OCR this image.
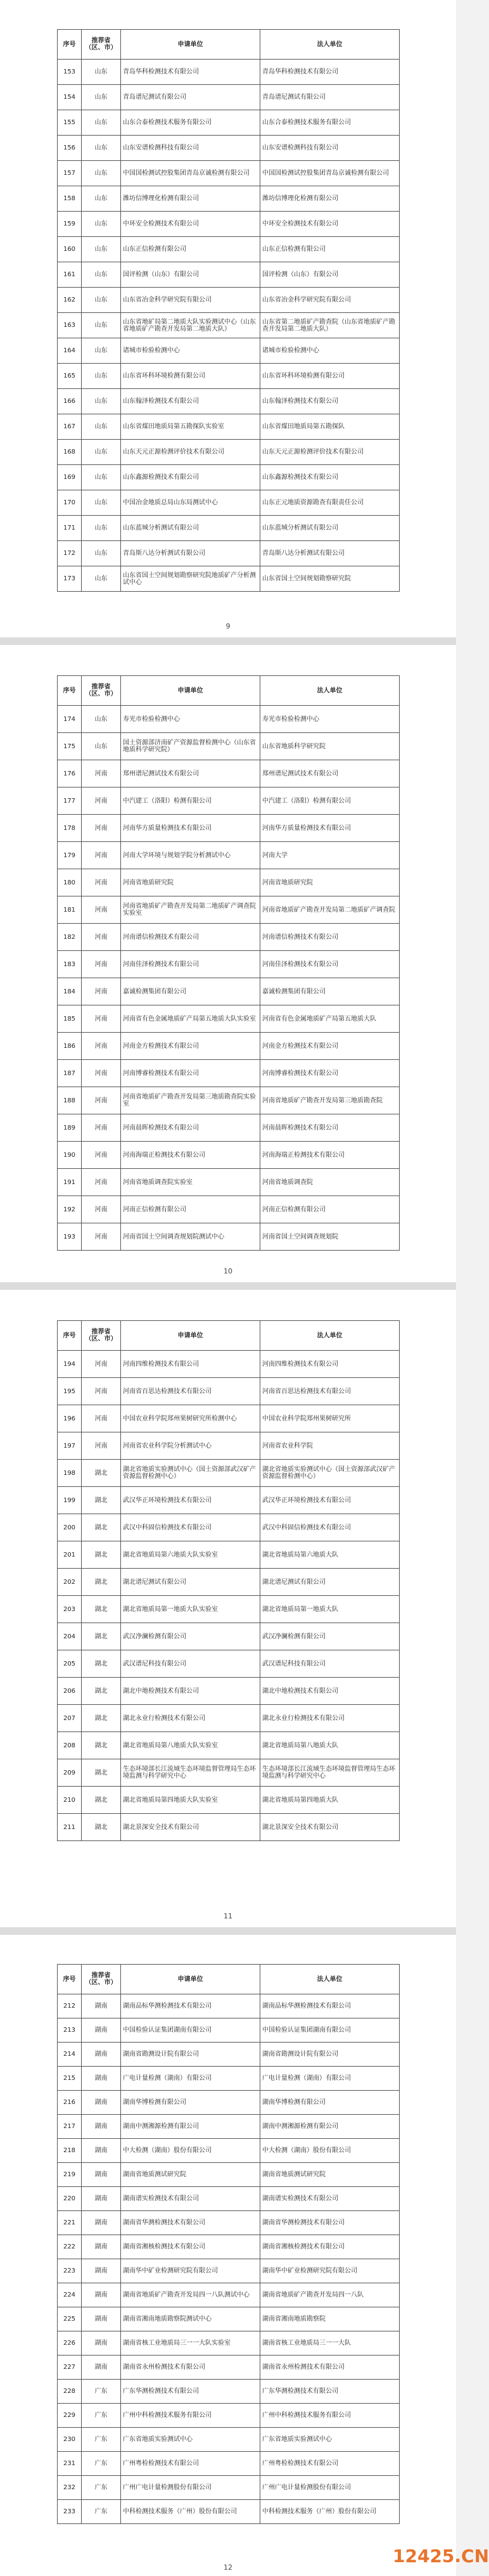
序号	推荐省（区、市）	申请单位	法人单位
153	山东	青岛华科检测技术有限公司	青岛华科检测技术有限公司
154	山东	青岛谱尼测试有限公司	青岛谱尼测试有限公司
155	山东	山东合泰检测技术服务有限公司	山东合泰检测技术服务有限公司
156	山东	山东安谱检测科技有限公司	山东安谱检测科技有限公司
157	山东	中国国检测试控股集团青岛京诚检测有限公司	中国国检测试控股集团青岛京诚检测有限公司
158	山东	潍坊信博理化检测有限公司	潍坊信博理化检测有限公司
159	山东	中环安全检测技术有限公司	中环安全检测技术有限公司
160	山东	山东正信检测有限公司	山东正信检测有限公司
161	山东	国评检测（山东）有限公司	国评检测（山东）有限公司
162	山东	山东省冶金科学研究院有限公司	山东省冶金科学研究院有限公司
163	山东	山东省地矿局第二地质大队实验测试中心（山东省地质矿产勘查开发局第二地质大队）	山东省第二地质矿产勘查院（山东省地质矿产勘查开发局第二地质大队）
164	山东	诸城市检验检测中心	诸城市检验检测中心
165	山东	山东省环科环境检测有限公司	山东省环科环境检测有限公司
166	山东	山东翰泽检测技术有限公司	山东翰泽检测技术有限公司
167	山东	山东省煤田地质局第五勘探队实验室	山东省煤田地质局第五勘探队
168	山东	山东天元正源检测评价技术有限公司	山东天元正源检测评价技术有限公司
169	山东	山东鑫源检测技术有限公司	山东鑫源检测技术有限公司
170	山东	中国冶金地质总局山东局测试中心	山东正元地质资源勘查有限责任公司
171	山东	山东蓝城分析测试有限公司	山东蓝城分析测试有限公司
172	山东	青岛斯八达分析测试有限公司	青岛斯八达分析测试有限公司
173	山东	山东省国土空间规划勘察研究院地质矿产分析测试中心	山东省国土空间规划勘察研究院
9
序号	推荐省（区、市）	申请单位	法人单位
174	山东	寿光市检验检测中心	寿光市检验检测中心
175	山东	国土资源部济南矿产资源监督检测中心（山东省地质科学研究院）	山东省地质科学研究院
176	河南	郑州谱尼测试技术有限公司	郑州谱尼测试技术有限公司
177	河南	中汽建工（洛阳）检测有限公司	中汽建工（洛阳）检测有限公司
178	河南	河南华方质量检测技术有限公司	河南华方质量检测技术有限公司
179	河南	河南大学环境与规划学院分析测试中心	河南大学
180	河南	河南省地质研究院	河南省地质研究院
181	河南	河南省地质矿产勘查开发局第二地质矿产调查院实验室	河南省地质矿产勘查开发局第二地质矿产调查院
182	河南	河南谱信检测技术有限公司	河南谱信检测技术有限公司
183	河南	河南佳泽检测技术有限公司	河南佳泽检测技术有限公司
184	河南	嘉诚检测集团有限公司	嘉诚检测集团有限公司
185	河南	河南省有色金属地质矿产局第五地质大队实验室	河南省有色金属地质矿产局第五地质大队
186	河南	河南金方检测技术有限公司	河南金方检测技术有限公司
187	河南	河南博睿检测技术有限公司	河南博睿检测技术有限公司
188	河南	河南省地质矿产勘查开发局第三地质勘查院实验室	河南省地质矿产勘查开发局第三地质勘查院
189	河南	河南晨晖检测技术有限公司	河南晨晖检测技术有限公司
190	河南	河南海瑞正检测技术有限公司	河南海瑞正检测技术有限公司
191	河南	河南省地质调查院实验室	河南省地质调查院
192	河南	河南正信检测有限公司	河南正信检测有限公司
193	河南	河南省国土空间调查规划院测试中心	河南省国土空间调查规划院
10
序号	推荐省（区、市）	申请单位	法人单位
194	河南	河南四维检测技术有限公司	河南四维检测技术有限公司
195	河南	河南省百思达检测技术有限公司	河南省百思达检测技术有限公司
196	河南	中国农业科学院郑州果树研究所检测中心	中国农业科学院郑州果树研究所
197	河南	河南省农业科学院分析测试中心	河南省农业科学院
198	湖北	湖北省地质实验测试中心（国土资源部武汉矿产资源监督检测中心）	湖北省地质实验测试中心（国土资源部武汉矿产资源监督检测中心）
199	湖北	武汉华正环境检测技术有限公司	武汉华正环境检测技术有限公司
200	湖北	武汉中科固信检测技术有限公司	武汉中科固信检测技术有限公司
201	湖北	湖北省地质局第六地质大队实验室	湖北省地质局第六地质大队
202	湖北	湖北谱尼测试有限公司	湖北谱尼测试有限公司
203	湖北	湖北省地质局第一地质大队实验室	湖北省地质局第一地质大队
204	湖北	武汉净澜检测有限公司	武汉净澜检测有限公司
205	湖北	武汉谱尼科技有限公司	武汉谱尼科技有限公司
206	湖北	湖北中地检测技术有限公司	湖北中地检测技术有限公司
207	湖北	湖北永业行检测技术有限公司	湖北永业行检测技术有限公司
208	湖北	湖北省地质局第八地质大队实验室	湖北省地质局第八地质大队
209	湖北	生态环境部长江流域生态环境监督管理局生态环境监测与科学研究中心	生态环境部长江流域生态环境监督管理局生态环境监测与科学研究中心
210	湖北	湖北省地质局第四地质大队实验室	湖北省地质局第四地质大队
211	湖北	湖北景深安全技术有限公司	湖北景深安全技术有限公司
11
序号	推荐省（区、市）	申请单位	法人单位
212	湖南	湖南品标华测检测技术有限公司	湖南品标华测检测技术有限公司
213	湖南	中国检验认证集团湖南有限公司	中国检验认证集团湖南有限公司
214	湖南	湖南省勘测设计院有限公司	湖南省勘测设计院有限公司
215	湖南	广电计量检测（湖南）有限公司	广电计量检测（湖南）有限公司
216	湖南	湖南华博检测有限公司	湖南华博检测有限公司
217	湖南	湖南中测湘源检测有限公司	湖南中测湘源检测有限公司
218	湖南	中大检测（湖南）股份有限公司	中大检测（湖南）股份有限公司
219	湖南	湖南省地质测试研究院	湖南省地质测试研究院
220	湖南	湖南谱实检测技术有限公司	湖南谱实检测技术有限公司
221	湖南	湖南省华测检测技术有限公司	湖南省华测检测技术有限公司
222	湖南	湖南省湘核检测技术有限公司	湖南省湘核检测技术有限公司
223	湖南	湖南华中矿业检测研究院有限公司	湖南华中矿业检测研究院有限公司
224	湖南	湖南省地质矿产勘查开发局四一八队测试中心	湖南省地质矿产勘查开发局四一八队
225	湖南	湖南省湘南地质勘察院测试中心	湖南省湘南地质勘察院
226	湖南	湖南省核工业地质局三一一大队实验室	湖南省核工业地质局三一一大队
227	湖南	湖南省永州检测技术有限公司	湖南省永州检测技术有限公司
228	广东	广东华测检测技术有限公司	广东华测检测技术有限公司
229	广东	广州中科检测技术服务有限公司	广州中科检测技术服务有限公司
230	广东	广东省地质实验测试中心	广东省地质实验测试中心
231	广东	广州粤检检测技术有限公司	广州粤检检测技术有限公司
232	广东	广州广电计量检测股份有限公司	广州广电计量检测股份有限公司
233	广东	中科检测技术服务（广州）股份有限公司	中科检测技术服务（广州）股份有限公司
12
12425.CN
